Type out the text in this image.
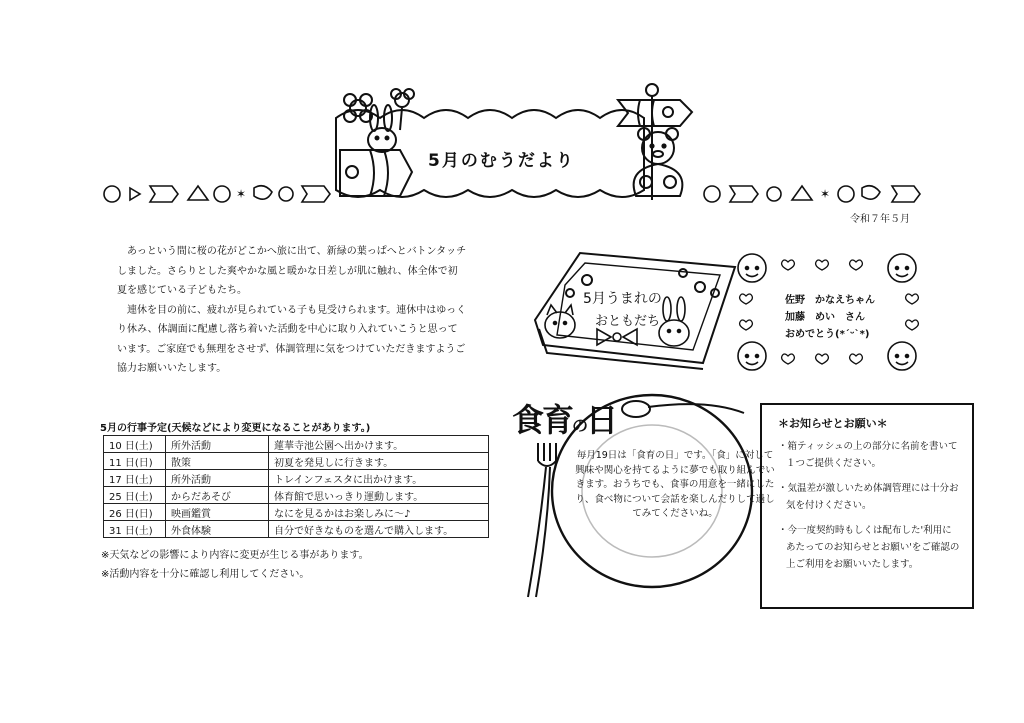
✶	✶
5月のむうだより
令和７年５月

あっという間に桜の花がどこかへ旅に出て、新緑の葉っぱへとバトンタッチしました。さらりとした爽やかな風と暖かな日差しが肌に触れ、体全体で初夏を感じている子どもたち。

連休を目の前に、疲れが見られている子も見受けられます。連休中はゆっくり休み、体調面に配慮し落ち着いた活動を中心に取り入れていこうと思っています。ご家庭でも無理をさせず、体調管理に気をつけていただきますようご協力お願いいたします。

5月うまれの
おともだち
佐野　かなえちゃん
加藤　めい　さん
おめでとう(*ˊᵕˋ*)
5月の行事予定(天候などにより変更になることがあります。)
10 日(土)	所外活動	蓮華寺池公園へ出かけます。
11 日(日)	散策	初夏を発見しに行きます。
17 日(土)	所外活動	トレインフェスタに出かけます。
25 日(土)	からだあそび	体育館で思いっきり運動します。
26 日(日)	映画鑑賞	なにを見るかはお楽しみに～♪
31 日(土)	外食体験	自分で好きなものを選んで購入します。
※天気などの影響により内容に変更が生じる事があります。
※活動内容を十分に確認し利用してください。
食育の日
毎月19日は「食育の日」です。「食」に対して興味や関心を持てるように夢でも取り組んでいきます。おうちでも、食事の用意を一緒にしたり、食べ物について会話を楽しんだりして過してみてくださいね。
＊お知らせとお願い＊
・箱ティッシュの上の部分に名前を書いて１つご提供ください。
・気温差が激しいため体調管理には十分お気を付けください。
・今一度契約時もしくは配布した'利用にあたってのお知らせとお願い'をご確認の上ご利用をお願いいたします。
